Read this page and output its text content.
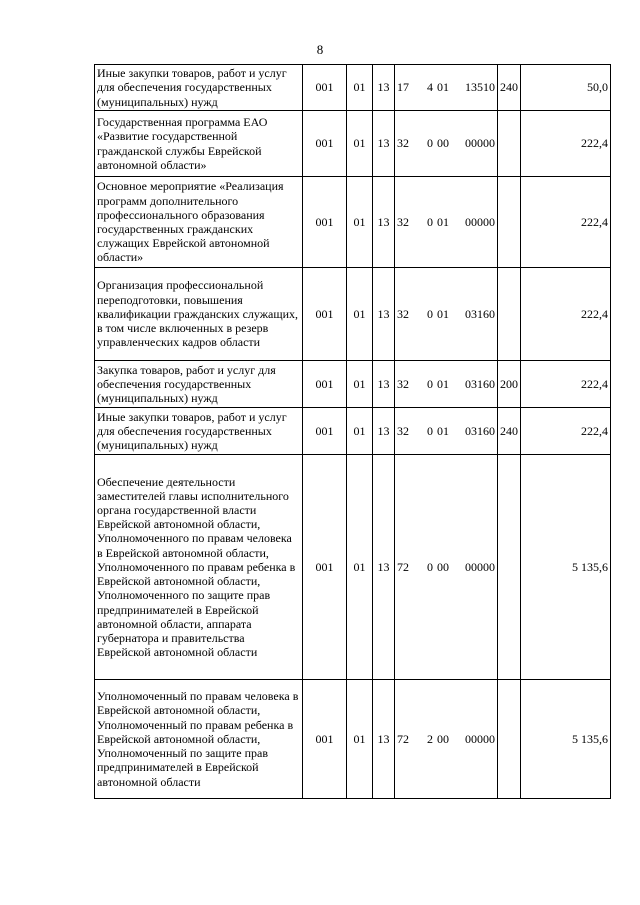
8
Иные закупки товаров, работ и услуг для обеспечения государственных (муниципальных) нужд	001	01	13	17 4 01 13510	240	50,0
Государственная программа ЕАО «Развитие государственной гражданской службы Еврейской автономной области»	001	01	13	32 0 00 00000		222,4
Основное мероприятие «Реализация программ дополнительного профессионального образования государственных гражданских служащих Еврейской автономной области»	001	01	13	32 0 01 00000		222,4
Организация профессиональной переподготовки, повышения квалификации гражданских служащих, в том числе включенных в резерв управленческих кадров области	001	01	13	32 0 01 03160		222,4
Закупка товаров, работ и услуг для обеспечения государственных (муниципальных) нужд	001	01	13	32 0 01 03160	200	222,4
Иные закупки товаров, работ и услуг для обеспечения государственных (муниципальных) нужд	001	01	13	32 0 01 03160	240	222,4
Обеспечение деятельности заместителей главы исполнительного органа государственной власти Еврейской автономной области, Уполномоченного по правам человека в Еврейской автономной области, Уполномоченного по правам ребенка в Еврейской автономной области, Уполномоченного по защите прав предпринимателей в Еврейской автономной области, аппарата губернатора и правительства Еврейской автономной области	001	01	13	72 0 00 00000		5 135,6
Уполномоченный по правам человека в Еврейской автономной области, Уполномоченный по правам ребенка в Еврейской автономной области, Уполномоченный по защите прав предпринимателей в Еврейской автономной области	001	01	13	72 2 00 00000		5 135,6
